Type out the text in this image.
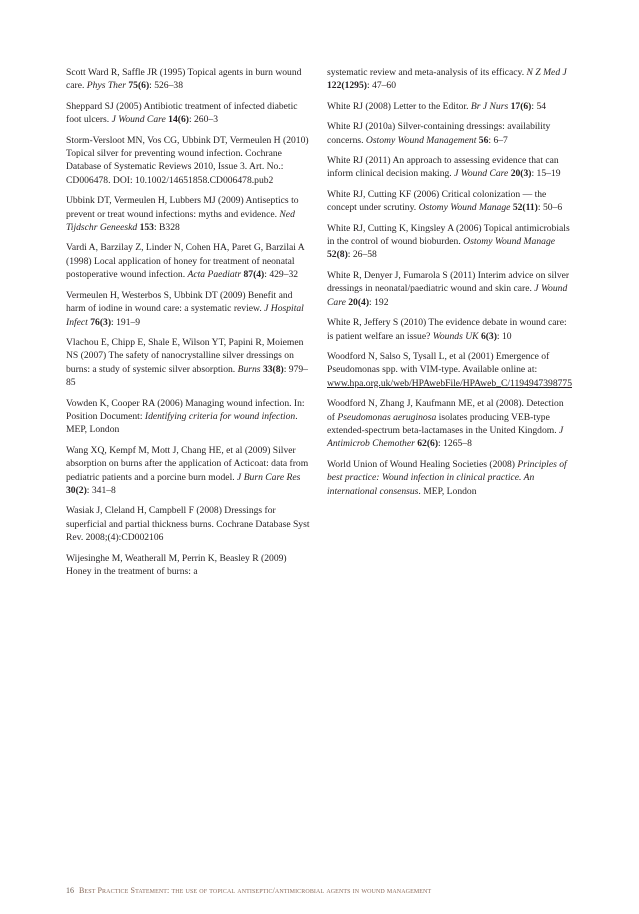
Scott Ward R, Saffle JR (1995) Topical agents in burn wound care. Phys Ther 75(6): 526–38

Sheppard SJ (2005) Antibiotic treatment of infected diabetic foot ulcers. J Wound Care 14(6): 260–3

Storm-Versloot MN, Vos CG, Ubbink DT, Vermeulen H (2010) Topical silver for preventing wound infection. Cochrane Database of Systematic Reviews 2010, Issue 3. Art. No.: CD006478. DOI: 10.1002/14651858.CD006478.pub2

Ubbink DT, Vermeulen H, Lubbers MJ (2009) Antiseptics to prevent or treat wound infections: myths and evidence. Ned Tijdschr Geneeskd 153: B328

Vardi A, Barzilay Z, Linder N, Cohen HA, Paret G, Barzilai A (1998) Local application of honey for treatment of neonatal postoperative wound infection. Acta Paediatr 87(4): 429–32

Vermeulen H, Westerbos S, Ubbink DT (2009) Benefit and harm of iodine in wound care: a systematic review. J Hospital Infect 76(3): 191–9

Vlachou E, Chipp E, Shale E, Wilson YT, Papini R, Moiemen NS (2007) The safety of nanocrystalline silver dressings on burns: a study of systemic silver absorption. Burns 33(8): 979–85

Vowden K, Cooper RA (2006) Managing wound infection. In: Position Document: Identifying criteria for wound infection. MEP, London

Wang XQ, Kempf M, Mott J, Chang HE, et al (2009) Silver absorption on burns after the application of Acticoat: data from pediatric patients and a porcine burn model. J Burn Care Res 30(2): 341–8

Wasiak J, Cleland H, Campbell F (2008) Dressings for superficial and partial thickness burns. Cochrane Database Syst Rev. 2008;(4):CD002106

Wijesinghe M, Weatherall M, Perrin K, Beasley R (2009) Honey in the treatment of burns: a

systematic review and meta-analysis of its efficacy. N Z Med J 122(1295): 47–60

White RJ (2008) Letter to the Editor. Br J Nurs 17(6): 54

White RJ (2010a) Silver-containing dressings: availability concerns. Ostomy Wound Management 56: 6–7

White RJ (2011) An approach to assessing evidence that can inform clinical decision making. J Wound Care 20(3): 15–19

White RJ, Cutting KF (2006) Critical colonization — the concept under scrutiny. Ostomy Wound Manage 52(11): 50–6

White RJ, Cutting K, Kingsley A (2006) Topical antimicrobials in the control of wound bioburden. Ostomy Wound Manage 52(8): 26–58

White R, Denyer J, Fumarola S (2011) Interim advice on silver dressings in neonatal/paediatric wound and skin care. J Wound Care 20(4): 192

White R, Jeffery S (2010) The evidence debate in wound care: is patient welfare an issue? Wounds UK 6(3): 10

Woodford N, Salso S, Tysall L, et al (2001) Emergence of Pseudomonas spp. with VIM-type. Available online at: www.hpa.org.uk/web/HPAwebFile/HPAweb_C/1194947398775

Woodford N, Zhang J, Kaufmann ME, et al (2008). Detection of Pseudomonas aeruginosa isolates producing VEB-type extended-spectrum beta-lactamases in the United Kingdom. J Antimicrob Chemother 62(6): 1265–8

World Union of Wound Healing Societies (2008) Principles of best practice: Wound infection in clinical practice. An international consensus. MEP, London

16 Best Practice Statement: the use of topical antiseptic/antimicrobial agents in wound management
